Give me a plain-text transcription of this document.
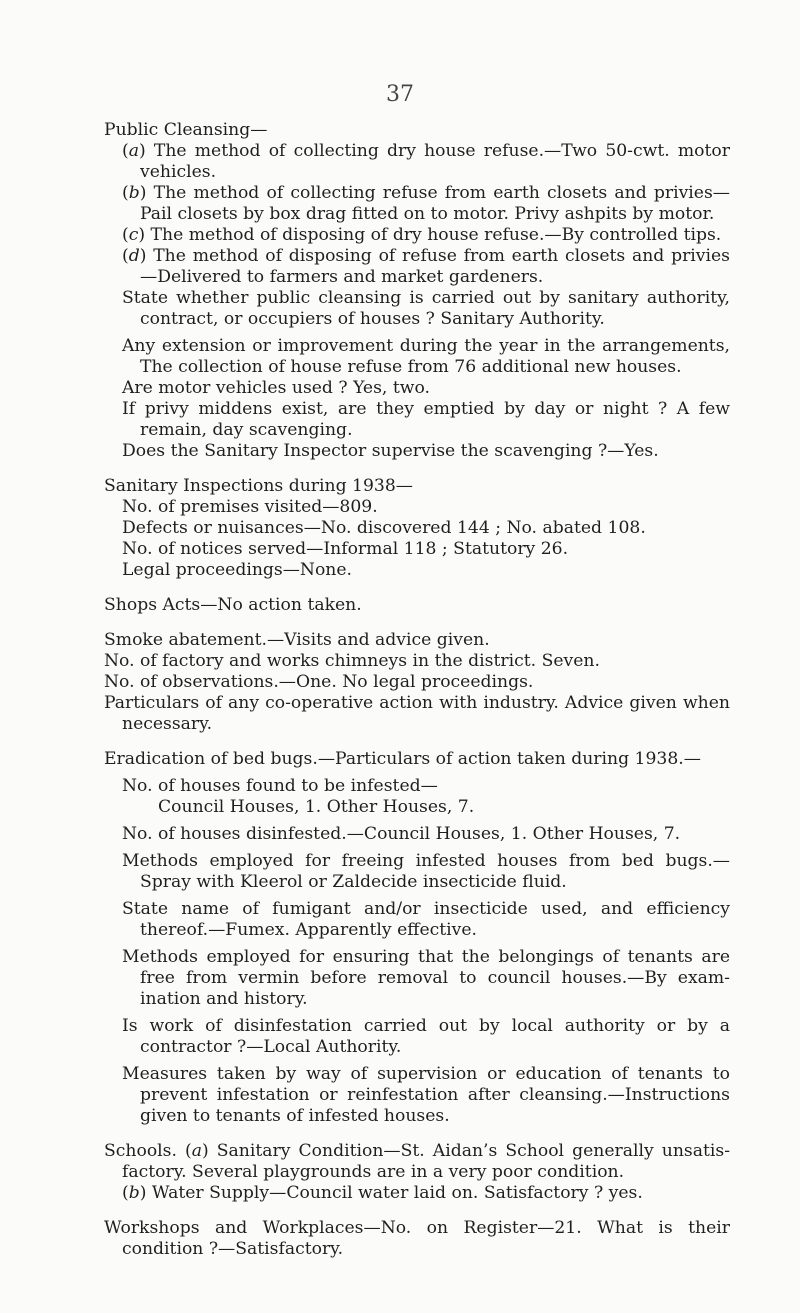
37

Public Cleansing—

(a) The method of collecting dry house refuse.—Two 50-cwt. motor vehicles.

(b) The method of collecting refuse from earth closets and privies— Pail closets by box drag fitted on to motor. Privy ashpits by motor.

(c) The method of disposing of dry house refuse.—By controlled tips.

(d) The method of disposing of refuse from earth closets and privies—Delivered to farmers and market gardeners.

State whether public cleansing is carried out by sanitary authority, contract, or occupiers of houses ? Sanitary Authority.

Any extension or improvement during the year in the arrangements, The collection of house refuse from 76 additional new houses.

Are motor vehicles used ? Yes, two.

If privy middens exist, are they emptied by day or night ? A few remain, day scavenging.

Does the Sanitary Inspector supervise the scavenging ?—Yes.

Sanitary Inspections during 1938—

No. of premises visited—809.

Defects or nuisances—No. discovered 144 ; No. abated 108.

No. of notices served—Informal 118 ; Statutory 26.

Legal proceedings—None.

Shops Acts—No action taken.

Smoke abatement.—Visits and advice given.

No. of factory and works chimneys in the district. Seven.

No. of observations.—One. No legal proceedings.

Particulars of any co-operative action with industry. Advice given when necessary.

Eradication of bed bugs.—Particulars of action taken during 1938.—

No. of houses found to be infested—

Council Houses, 1. Other Houses, 7.

No. of houses disinfested.—Council Houses, 1. Other Houses, 7.

Methods employed for freeing infested houses from bed bugs.— Spray with Kleerol or Zaldecide insecticide fluid.

State name of fumigant and/or insecticide used, and efficiency thereof.—Fumex. Apparently effective.

Methods employed for ensuring that the belongings of tenants are free from vermin before removal to council houses.—By exam- ination and history.

Is work of disinfestation carried out by local authority or by a contractor ?—Local Authority.

Measures taken by way of supervision or education of tenants to prevent infestation or reinfestation after cleansing.—Instructions given to tenants of infested houses.

Schools. (a) Sanitary Condition—St. Aidan’s School generally unsatis- factory. Several playgrounds are in a very poor condition.

(b) Water Supply—Council water laid on. Satisfactory ? yes.

Workshops and Workplaces—No. on Register—21. What is their condition ?—Satisfactory.
